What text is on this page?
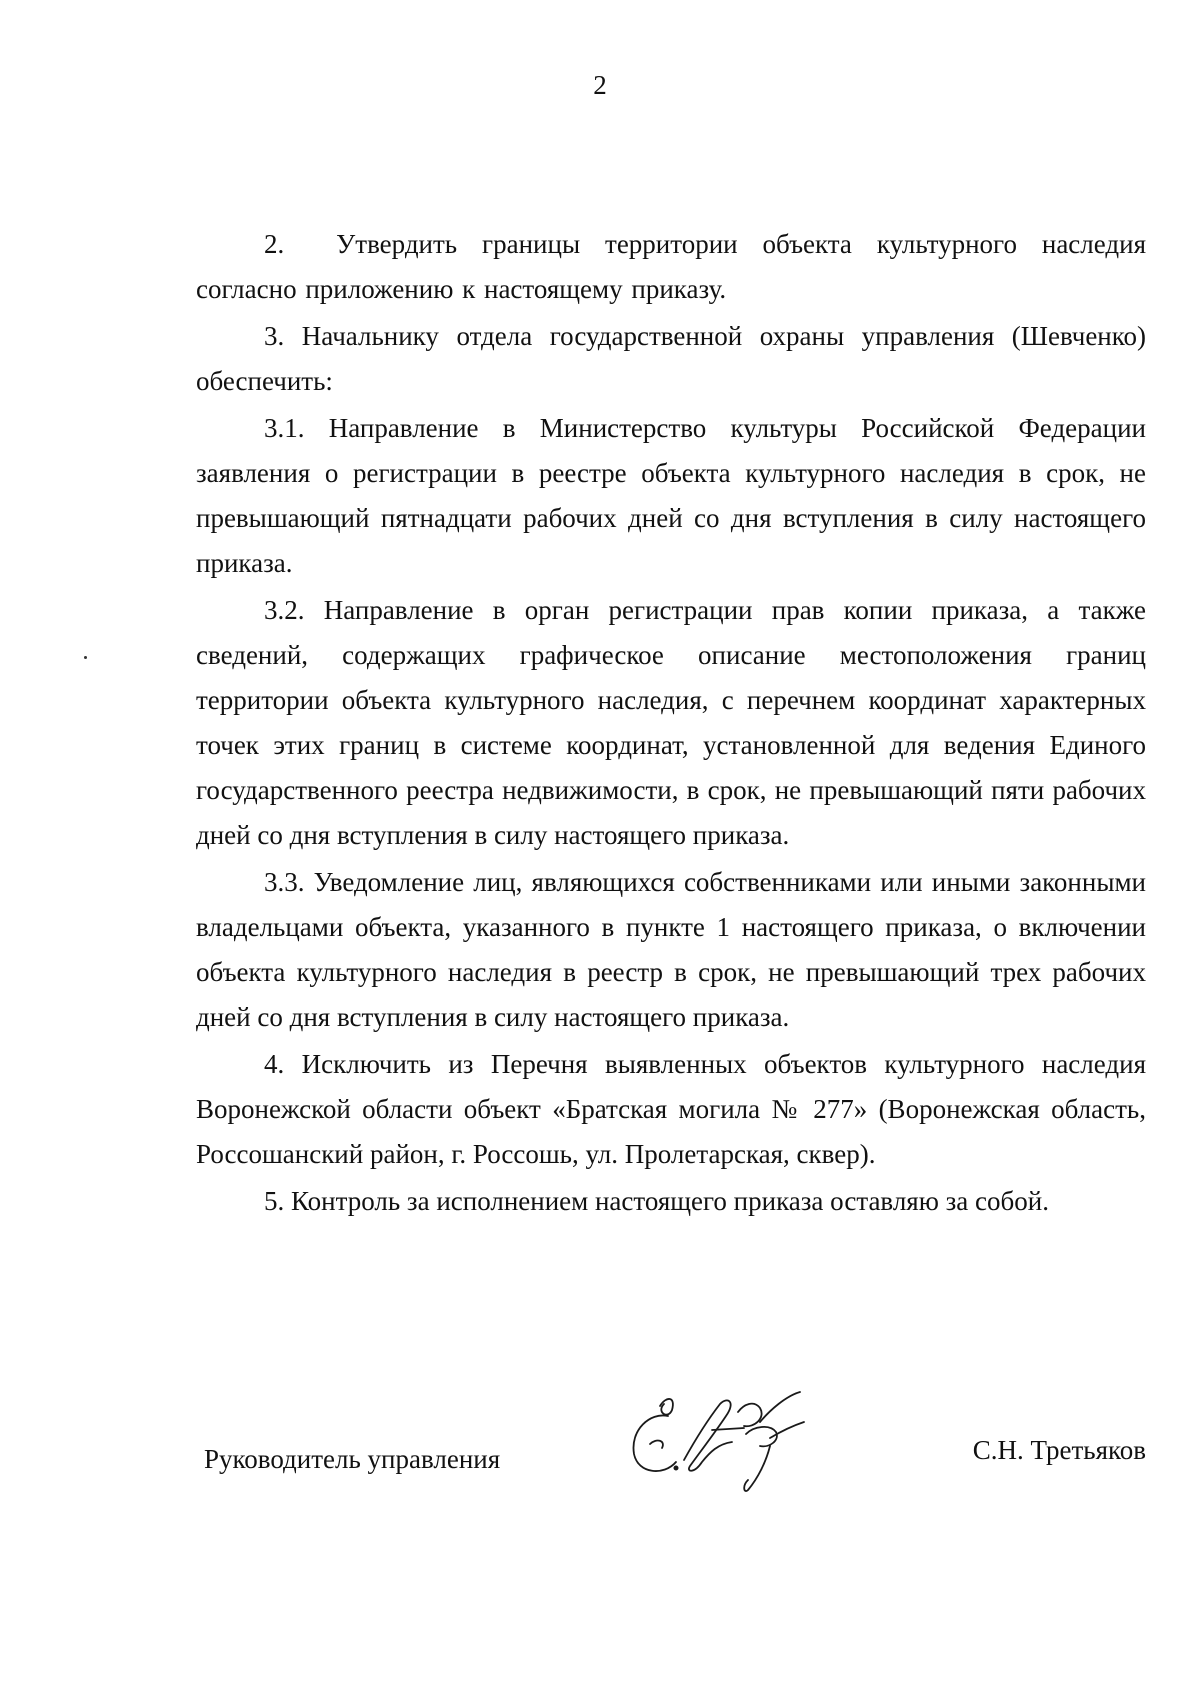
2

2.  Утвердить границы территории объекта культурного наследия согласно приложению к настоящему приказу.

3. Начальнику отдела государственной охраны управления (Шевченко) обеспечить:

3.1. Направление в Министерство культуры Российской Федерации заявления о регистрации в реестре объекта культурного наследия в срок, не превышающий пятнадцати рабочих дней со дня вступления в силу настоящего приказа.

3.2. Направление в орган регистрации прав копии приказа, а также сведений, содержащих графическое описание местоположения границ территории объекта культурного наследия, с перечнем координат характерных точек этих границ в системе координат, установленной для ведения Единого государственного реестра недвижимости, в срок, не превышающий пяти рабочих дней со дня вступления в силу настоящего приказа.

3.3. Уведомление лиц, являющихся собственниками или иными законными владельцами объекта, указанного в пункте 1 настоящего приказа, о включении объекта культурного наследия в реестр в срок, не превышающий трех рабочих дней со дня вступления в силу настоящего приказа.

4. Исключить из Перечня выявленных объектов культурного наследия Воронежской области объект «Братская могила № 277» (Воронежская область, Россошанский район, г. Россошь, ул. Пролетарская, сквер).

5. Контроль за исполнением настоящего приказа оставляю за собой.

Руководитель управления	С.Н. Третьяков
